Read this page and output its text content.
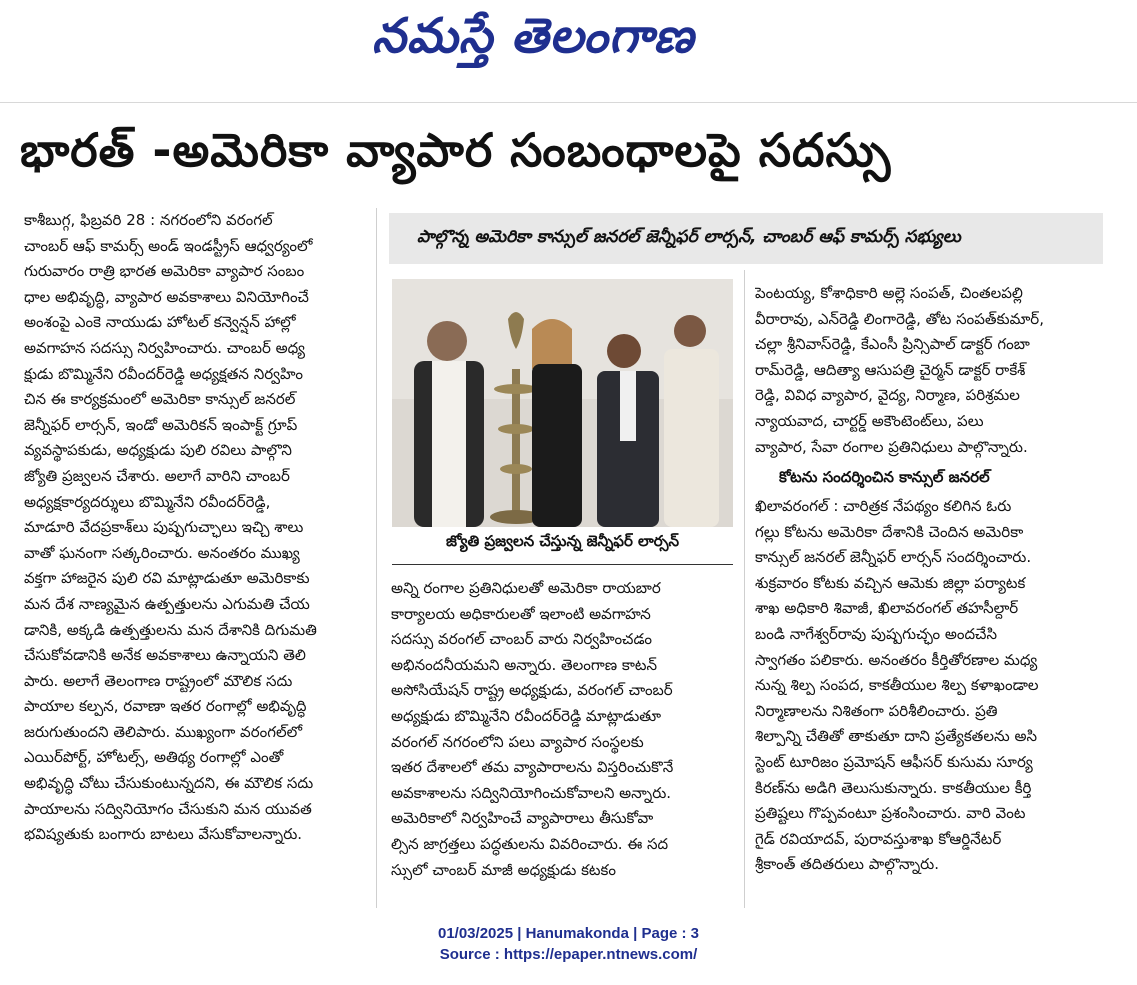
నమస్తే తెలంగాణ
భారత్ -అమెరికా వ్యాపార సంబంధాలపై సదస్సు
కాశీబుగ్గ, ఫిబ్రవరి 28 : నగరంలోని వరంగల్
చాంబర్ ఆఫ్ కామర్స్ అండ్ ఇండస్ట్రీస్ ఆధ్వర్యంలో
గురువారం రాత్రి భారత అమెరికా వ్యాపార సంబం
ధాల అభివృద్ధి, వ్యాపార అవకాశాలు వినియోగించే
అంశంపై ఎంకె నాయుడు హోటల్ కన్వెన్షన్ హాల్లో
అవగాహన సదస్సు నిర్వహించారు. చాంబర్ అధ్య
క్షుడు బొమ్మినేని రవీందర్‌రెడ్డి అధ్యక్షతన నిర్వహిం
చిన ఈ కార్యక్రమంలో అమెరికా కాన్సుల్ జనరల్
జెన్నీఫర్ లార్సన్, ఇండో అమెరికన్ ఇంపాక్ట్ గ్రూప్
వ్యవస్థాపకుడు, అధ్యక్షుడు పులి రవిలు పాల్గొని
జ్యోతి ప్రజ్వలన చేశారు. అలాగే వారిని చాంబర్
అధ్యక్షకార్యదర్శులు బొమ్మినేని రవీందర్‌రెడ్డి,
మాడూరి వేదప్రకాశ్‌లు పుష్పగుచ్ఛాలు ఇచ్చి శాలు
వాతో ఘనంగా సత్కరించారు. అనంతరం ముఖ్య
వక్తగా హాజరైన పులి రవి మాట్లాడుతూ అమెరికాకు
మన దేశ నాణ్యమైన ఉత్పత్తులను ఎగుమతి చేయ
డానికి, అక్కడి ఉత్పత్తులను మన దేశానికి దిగుమతి
చేసుకోవడానికి అనేక అవకాశాలు ఉన్నాయని తెలి
పారు. అలాగే తెలంగాణ రాష్ట్రంలో మౌలిక సదు
పాయాల కల్పన, రవాణా ఇతర రంగాల్లో అభివృద్ధి
జరుగుతుందని తెలిపారు. ముఖ్యంగా వరంగల్‌లో
ఎయిర్‌పోర్ట్, హోటల్స్, అతిథ్య రంగాల్లో ఎంతో
అభివృద్ధి చోటు చేసుకుంటున్నదని, ఈ మౌలిక సదు
పాయాలను సద్వినియోగం చేసుకుని మన యువత
భవిష్యతుకు బంగారు బాటలు వేసుకోవాలన్నారు.
పాల్గొన్న అమెరికా కాన్సుల్ జనరల్ జెన్నీఫర్ లార్సన్, చాంబర్ ఆఫ్ కామర్స్ సభ్యులు
జ్యోతి ప్రజ్వలన చేస్తున్న జెన్నీఫర్ లార్సన్
అన్ని రంగాల ప్రతినిధులతో అమెరికా రాయబార
కార్యాలయ అధికారులతో ఇలాంటి అవగాహన
సదస్సు వరంగల్ చాంబర్ వారు నిర్వహించడం
అభినందనీయమని అన్నారు. తెలంగాణ కాటన్
అసోసియేషన్ రాష్ట్ర అధ్యక్షుడు, వరంగల్ చాంబర్
అధ్యక్షుడు బొమ్మినేని రవీందర్‌రెడ్డి మాట్లాడుతూ
వరంగల్ నగరంలోని పలు వ్యాపార సంస్థలకు
ఇతర దేశాలలో తమ వ్యాపారాలను విస్తరించుకొనే
అవకాశాలను సద్వినియోగించుకోవాలని అన్నారు.
అమెరికాలో నిర్వహించే వ్యాపారాలు తీసుకోవా
ల్సిన జాగ్రత్తలు పద్ధతులను వివరించారు. ఈ సద
స్సులో చాంబర్ మాజీ అధ్యక్షుడు కటకం
పెంటయ్య, కోశాధికారి అల్లె సంపత్, చింతలపల్లి
వీరారావు, ఎన్‌రెడ్డి లింగారెడ్డి, తోట సంపత్‌కుమార్,
చల్లా శ్రీనివాస్‌రెడ్డి, కేఎంసీ ప్రిన్సిపాల్ డాక్టర్ గంబా
రామ్‌రెడ్డి, ఆదిత్యా ఆసుపత్రి చైర్మన్ డాక్టర్ రాకేశ్
రెడ్డి, వివిధ వ్యాపార, వైద్య, నిర్మాణ, పరిశ్రమల
న్యాయవాద, చార్టర్డ్ అకౌంటెంట్‌లు, పలు
వ్యాపార, సేవా రంగాల ప్రతినిధులు పాల్గొన్నారు.
కోటను సందర్శించిన కాన్సుల్ జనరల్
ఖిలావరంగల్ : చారిత్రక నేపథ్యం కలిగిన ఓరు
గల్లు కోటను అమెరికా దేశానికి చెందిన అమెరికా
కాన్సుల్ జనరల్ జెన్నీఫర్ లార్సన్ సందర్శించారు.
శుక్రవారం కోటకు వచ్చిన ఆమెకు జిల్లా పర్యాటక
శాఖ అధికారి శివాజీ, ఖిలావరంగల్ తహసీల్దార్
బండి నాగేశ్వర్‌రావు పుష్పగుచ్ఛం అందచేసి
స్వాగతం పలికారు. అనంతరం కీర్తితోరణాల మధ్య
నున్న శిల్ప సంపద, కాకతీయుల శిల్ప కళాఖండాల
నిర్మాణాలను నిశితంగా పరిశీలించారు. ప్రతి
శిల్పాన్ని చేతితో తాకుతూ దాని ప్రత్యేకతలను అసి
స్టెంట్ టూరిజం ప్రమోషన్ ఆఫీసర్ కుసుమ సూర్య
కిరణ్‌ను అడిగి తెలుసుకున్నారు. కాకతీయుల కీర్తి
ప్రతిష్టలు గొప్పవంటూ ప్రశంసించారు. వారి వెంట
గైడ్ రవియాదవ్, పురావస్తుశాఖ కోఆర్డినేటర్
శ్రీకాంత్ తదితరులు పాల్గొన్నారు.
01/03/2025 | Hanumakonda | Page : 3
Source : https://epaper.ntnews.com/
